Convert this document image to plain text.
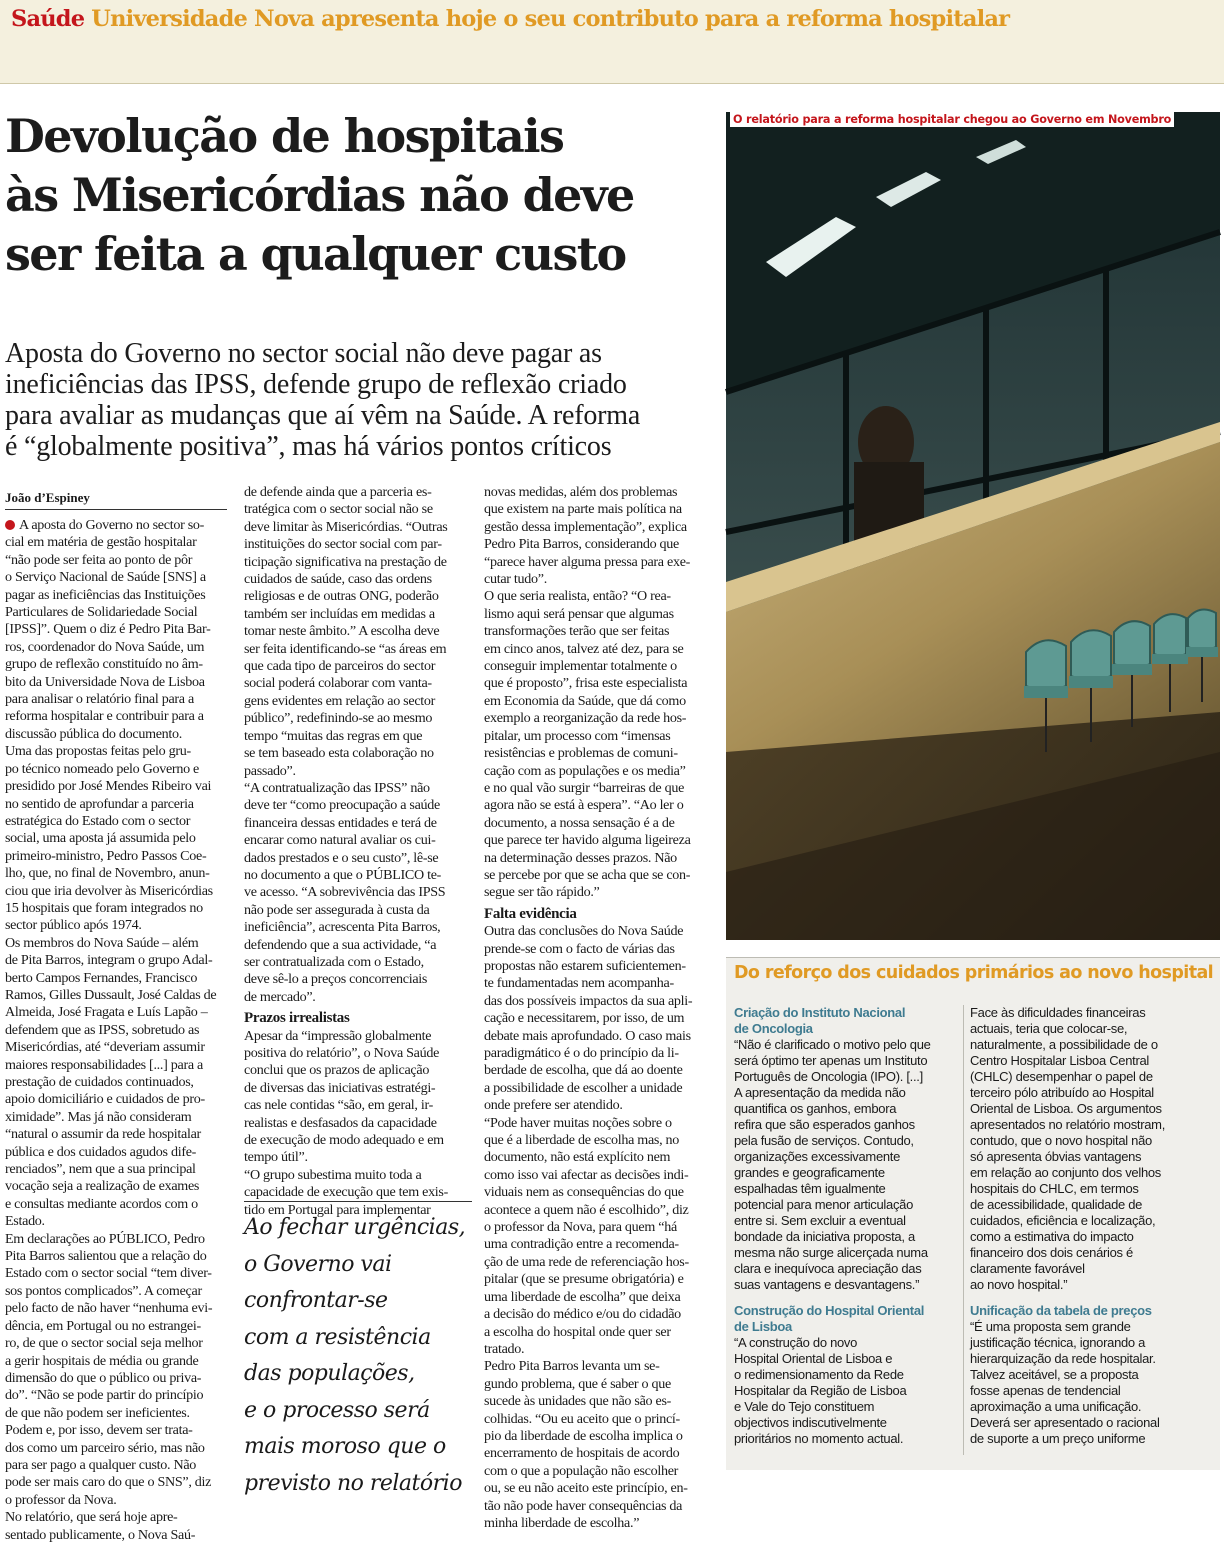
Saúde Universidade Nova apresenta hoje o seu contributo para a reforma hospitalar
Devolução de hospitais
às Misericórdias não deve
ser feita a qualquer custo
Aposta do Governo no sector social não deve pagar as
ineficiências das IPSS, defende grupo de reflexão criado
para avaliar as mudanças que aí vêm na Saúde. A reforma
é “globalmente positiva”, mas há vários pontos críticos
João d’Espiney
A aposta do Governo no sector so-
cial em matéria de gestão hospitalar
“não pode ser feita ao ponto de pôr
o Serviço Nacional de Saúde [SNS] a
pagar as ineficiências das Instituições
Particulares de Solidariedade Social
[IPSS]”. Quem o diz é Pedro Pita Bar-
ros, coordenador do Nova Saúde, um
grupo de reflexão constituído no âm-
bito da Universidade Nova de Lisboa
para analisar o relatório final para a
reforma hospitalar e contribuir para a
discussão pública do documento.
Uma das propostas feitas pelo gru-
po técnico nomeado pelo Governo e
presidido por José Mendes Ribeiro vai
no sentido de aprofundar a parceria
estratégica do Estado com o sector
social, uma aposta já assumida pelo
primeiro-ministro, Pedro Passos Coe-
lho, que, no final de Novembro, anun-
ciou que iria devolver às Misericórdias
15 hospitais que foram integrados no
sector público após 1974.
Os membros do Nova Saúde – além
de Pita Barros, integram o grupo Adal-
berto Campos Fernandes, Francisco
Ramos, Gilles Dussault, José Caldas de
Almeida, José Fragata e Luís Lapão –
defendem que as IPSS, sobretudo as
Misericórdias, até “deveriam assumir
maiores responsabilidades [...] para a
prestação de cuidados continuados,
apoio domiciliário e cuidados de pro-
ximidade”. Mas já não consideram
“natural o assumir da rede hospitalar
pública e dos cuidados agudos dife-
renciados”, nem que a sua principal
vocação seja a realização de exames
e consultas mediante acordos com o
Estado.
Em declarações ao PÚBLICO, Pedro
Pita Barros salientou que a relação do
Estado com o sector social “tem diver-
sos pontos complicados”. A começar
pelo facto de não haver “nenhuma evi-
dência, em Portugal ou no estrangei-
ro, de que o sector social seja melhor
a gerir hospitais de média ou grande
dimensão do que o público ou priva-
do”. “Não se pode partir do princípio
de que não podem ser ineficientes.
Podem e, por isso, devem ser trata-
dos como um parceiro sério, mas não
para ser pago a qualquer custo. Não
pode ser mais caro do que o SNS”, diz
o professor da Nova.
No relatório, que será hoje apre-
sentado publicamente, o Nova Saú-
de defende ainda que a parceria es-
tratégica com o sector social não se
deve limitar às Misericórdias. “Outras
instituições do sector social com par-
ticipação significativa na prestação de
cuidados de saúde, caso das ordens
religiosas e de outras ONG, poderão
também ser incluídas em medidas a
tomar neste âmbito.” A escolha deve
ser feita identificando-se “as áreas em
que cada tipo de parceiros do sector
social poderá colaborar com vanta-
gens evidentes em relação ao sector
público”, redefinindo-se ao mesmo
tempo “muitas das regras em que
se tem baseado esta colaboração no
passado”.
“A contratualização das IPSS” não
deve ter “como preocupação a saúde
financeira dessas entidades e terá de
encarar como natural avaliar os cui-
dados prestados e o seu custo”, lê-se
no documento a que o PÚBLICO te-
ve acesso. “A sobrevivência das IPSS
não pode ser assegurada à custa da
ineficiência”, acrescenta Pita Barros,
defendendo que a sua actividade, “a
ser contratualizada com o Estado,
deve sê-lo a preços concorrenciais
de mercado”.
Prazos irrealistas
Apesar da “impressão globalmente
positiva do relatório”, o Nova Saúde
conclui que os prazos de aplicação
de diversas das iniciativas estratégi-
cas nele contidas “são, em geral, ir-
realistas e desfasados da capacidade
de execução de modo adequado e em
tempo útil”.
“O grupo subestima muito toda a
capacidade de execução que tem exis-
tido em Portugal para implementar
novas medidas, além dos problemas
que existem na parte mais política na
gestão dessa implementação”, explica
Pedro Pita Barros, considerando que
“parece haver alguma pressa para exe-
cutar tudo”.
O que seria realista, então? “O rea-
lismo aqui será pensar que algumas
transformações terão que ser feitas
em cinco anos, talvez até dez, para se
conseguir implementar totalmente o
que é proposto”, frisa este especialista
em Economia da Saúde, que dá como
exemplo a reorganização da rede hos-
pitalar, um processo com “imensas
resistências e problemas de comuni-
cação com as populações e os media”
e no qual vão surgir “barreiras de que
agora não se está à espera”. “Ao ler o
documento, a nossa sensação é a de
que parece ter havido alguma ligeireza
na determinação desses prazos. Não
se percebe por que se acha que se con-
segue ser tão rápido.”
Falta evidência
Outra das conclusões do Nova Saúde
prende-se com o facto de várias das
propostas não estarem suficientemen-
te fundamentadas nem acompanha-
das dos possíveis impactos da sua apli-
cação e necessitarem, por isso, de um
debate mais aprofundado. O caso mais
paradigmático é o do princípio da li-
berdade de escolha, que dá ao doente
a possibilidade de escolher a unidade
onde prefere ser atendido.
“Pode haver muitas noções sobre o
que é a liberdade de escolha mas, no
documento, não está explícito nem
como isso vai afectar as decisões indi-
viduais nem as consequências do que
acontece a quem não é escolhido”, diz
o professor da Nova, para quem “há
uma contradição entre a recomenda-
ção de uma rede de referenciação hos-
pitalar (que se presume obrigatória) e
uma liberdade de escolha” que deixa
a decisão do médico e/ou do cidadão
a escolha do hospital onde quer ser
tratado.
Pedro Pita Barros levanta um se-
gundo problema, que é saber o que
sucede às unidades que não são es-
colhidas. “Ou eu aceito que o princí-
pio da liberdade de escolha implica o
encerramento de hospitais de acordo
com o que a população não escolher
ou, se eu não aceito este princípio, en-
tão não pode haver consequências da
minha liberdade de escolha.”
Ao fechar urgências,
o Governo vai
confrontar-se
com a resistência
das populações,
e o processo será
mais moroso que o
previsto no relatório
O relatório para a reforma hospitalar chegou ao Governo em Novembro
Do reforço dos cuidados primários ao novo hospital
Criação do Instituto Nacional
de Oncologia
“Não é clarificado o motivo pelo que
será óptimo ter apenas um Instituto
Português de Oncologia (IPO). [...]
A apresentação da medida não
quantifica os ganhos, embora
refira que são esperados ganhos
pela fusão de serviços. Contudo,
organizações excessivamente
grandes e geograficamente
espalhadas têm igualmente
potencial para menor articulação
entre si. Sem excluir a eventual
bondade da iniciativa proposta, a
mesma não surge alicerçada numa
clara e inequívoca apreciação das
suas vantagens e desvantagens.”
Construção do Hospital Oriental
de Lisboa
“A construção do novo
Hospital Oriental de Lisboa e
o redimensionamento da Rede
Hospitalar da Região de Lisboa
e Vale do Tejo constituem
objectivos indiscutivelmente
prioritários no momento actual.
Face às dificuldades financeiras
actuais, teria que colocar-se,
naturalmente, a possibilidade de o
Centro Hospitalar Lisboa Central
(CHLC) desempenhar o papel de
terceiro pólo atribuído ao Hospital
Oriental de Lisboa. Os argumentos
apresentados no relatório mostram,
contudo, que o novo hospital não
só apresenta óbvias vantagens
em relação ao conjunto dos velhos
hospitais do CHLC, em termos
de acessibilidade, qualidade de
cuidados, eficiência e localização,
como a estimativa do impacto
financeiro dos dois cenários é
claramente favorável
ao novo hospital.”
Unificação da tabela de preços
“É uma proposta sem grande
justificação técnica, ignorando a
hierarquização da rede hospitalar.
Talvez aceitável, se a proposta
fosse apenas de tendencial
aproximação a uma unificação.
Deverá ser apresentado o racional
de suporte a um preço uniforme
